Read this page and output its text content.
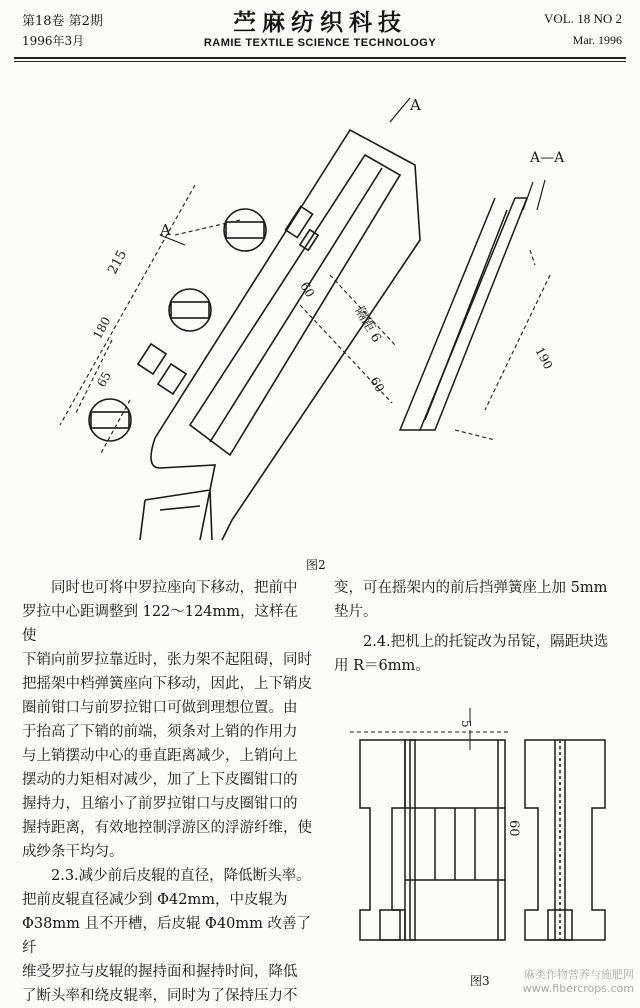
第18卷 第2期
1996年3月
苎麻纺织科技
RAMIE TEXTILE SCIENCE TECHNOLOGY
VOL. 18 NO 2
Mar. 1996
215
180
65
A
A
隔距 6
60
60
A—A
190
图2

同时也可将中罗拉座向下移动，把前中

罗拉中心距调整到 122～124mm，这样在使

下销向前罗拉靠近时，张力架不起阻碍，同时

把摇架中档弹簧座向下移动，因此，上下销皮

圈前钳口与前罗拉钳口可做到理想位置。由

于抬高了下销的前端，须条对上销的作用力

与上销摆动中心的垂直距离减少，上销向上

摆动的力矩相对减少，加了上下皮圈钳口的

握持力，且缩小了前罗拉钳口与皮圈钳口的

握持距离，有效地控制浮游区的浮游纤维，使

成纱条干均匀。

2.3.减少前后皮辊的直径，降低断头率。

把前皮辊直径减少到 Φ42mm，中皮辊为

Φ38mm 且不开槽，后皮辊 Φ40mm 改善了纤

维受罗拉与皮辊的握持面和握持时间，降低

了断头率和绕皮辊率，同时为了保持压力不

变，可在摇架内的前后挡弹簧座上加 5mm

垫片。

2.4.把机上的托锭改为吊锭，隔距块选

用 R＝6mm。

5
60
图3	麻类作物营养与施肥网
www.fibercrops.com
